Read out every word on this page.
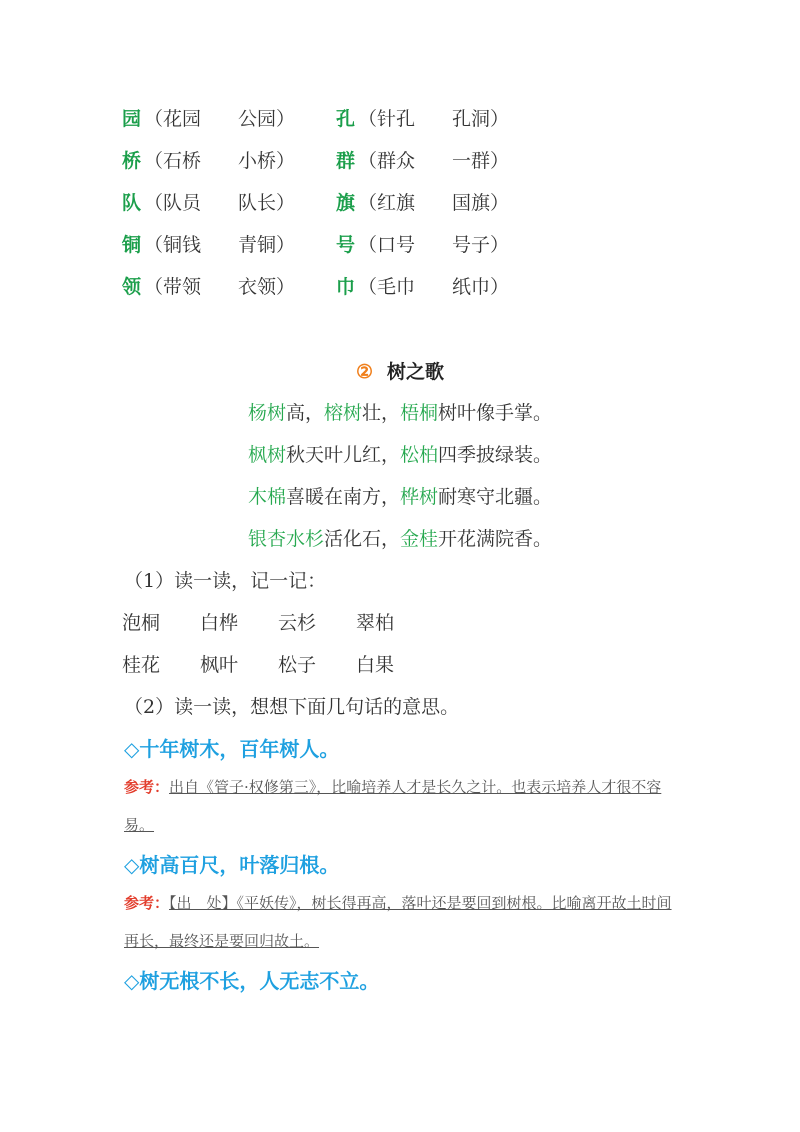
园 （花园 公园） 孔 （针孔 孔洞）
桥 （石桥 小桥） 群 （群众 一群）
队 （队员 队长） 旗 （红旗 国旗）
铜 （铜钱 青铜） 号 （口号 号子）
领 （带领 衣领） 巾 （毛巾 纸巾）
② 树之歌
杨树高，榕树壮，梧桐树叶像手掌。
枫树秋天叶儿红，松柏四季披绿装。
木棉喜暖在南方，桦树耐寒守北疆。
银杏水杉活化石，金桂开花满院香。
（1）读一读，记一记：
泡桐 白桦 云杉 翠柏
桂花 枫叶 松子 白果
（2）读一读，想想下面几句话的意思。
◇十年树木，百年树人。
参考：出自《管子·权修第三》，比喻培养人才是长久之计。也表示培养人才很不容易。
◇树高百尺，叶落归根。
参考：【出　处】《平妖传》，树长得再高，落叶还是要回到树根。比喻离开故土时间再长，最终还是要回归故土。
◇树无根不长，人无志不立。
